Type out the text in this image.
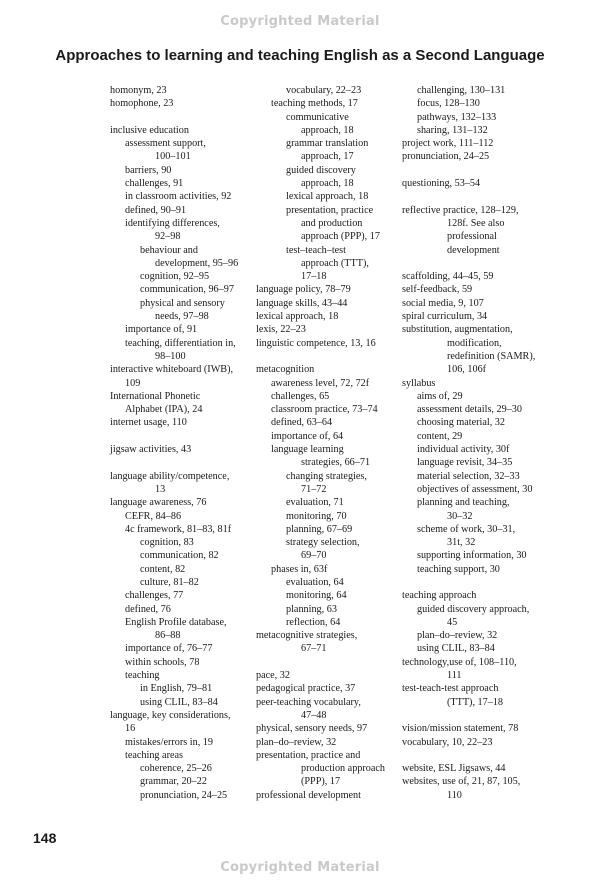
Copyrighted Material
Approaches to learning and teaching English as a Second Language
homonym, 23
homophone, 23
inclusive education
assessment support,
100–101
barriers, 90
challenges, 91
in classroom activities, 92
defined, 90–91
identifying differences,
92–98
behaviour and
development, 95–96
cognition, 92–95
communication, 96–97
physical and sensory
needs, 97–98
importance of, 91
teaching, differentiation in,
98–100
interactive whiteboard (IWB),
109
International Phonetic
Alphabet (IPA), 24
internet usage, 110
jigsaw activities, 43
language ability/competence,
13
language awareness, 76
CEFR, 84–86
4c framework, 81–83, 81f
cognition, 83
communication, 82
content, 82
culture, 81–82
challenges, 77
defined, 76
English Profile database,
86–88
importance of, 76–77
within schools, 78
teaching
in English, 79–81
using CLIL, 83–84
language, key considerations,
16
mistakes/errors in, 19
teaching areas
coherence, 25–26
grammar, 20–22
pronunciation, 24–25
vocabulary, 22–23
teaching methods, 17
communicative
approach, 18
grammar translation
approach, 17
guided discovery
approach, 18
lexical approach, 18
presentation, practice
and production
approach (PPP), 17
test–teach–test
approach (TTT),
17–18
language policy, 78–79
language skills, 43–44
lexical approach, 18
lexis, 22–23
linguistic competence, 13, 16
metacognition
awareness level, 72, 72f
challenges, 65
classroom practice, 73–74
defined, 63–64
importance of, 64
language learning
strategies, 66–71
changing strategies,
71–72
evaluation, 71
monitoring, 70
planning, 67–69
strategy selection,
69–70
phases in, 63f
evaluation, 64
monitoring, 64
planning, 63
reflection, 64
metacognitive strategies,
67–71
pace, 32
pedagogical practice, 37
peer-teaching vocabulary,
47–48
physical, sensory needs, 97
plan–do–review, 32
presentation, practice and
production approach
(PPP), 17
professional development
challenging, 130–131
focus, 128–130
pathways, 132–133
sharing, 131–132
project work, 111–112
pronunciation, 24–25
questioning, 53–54
reflective practice, 128–129,
128f. See also
professional
development
scaffolding, 44–45, 59
self-feedback, 59
social media, 9, 107
spiral curriculum, 34
substitution, augmentation,
modification,
redefinition (SAMR),
106, 106f
syllabus
aims of, 29
assessment details, 29–30
choosing material, 32
content, 29
individual activity, 30f
language revisit, 34–35
material selection, 32–33
objectives of assessment, 30
planning and teaching,
30–32
scheme of work, 30–31,
31t, 32
supporting information, 30
teaching support, 30
teaching approach
guided discovery approach,
45
plan–do–review, 32
using CLIL, 83–84
technology,use of, 108–110,
111
test-teach-test approach
(TTT), 17–18
vision/mission statement, 78
vocabulary, 10, 22–23
website, ESL Jigsaws, 44
websites, use of, 21, 87, 105,
110
148
Copyrighted Material
